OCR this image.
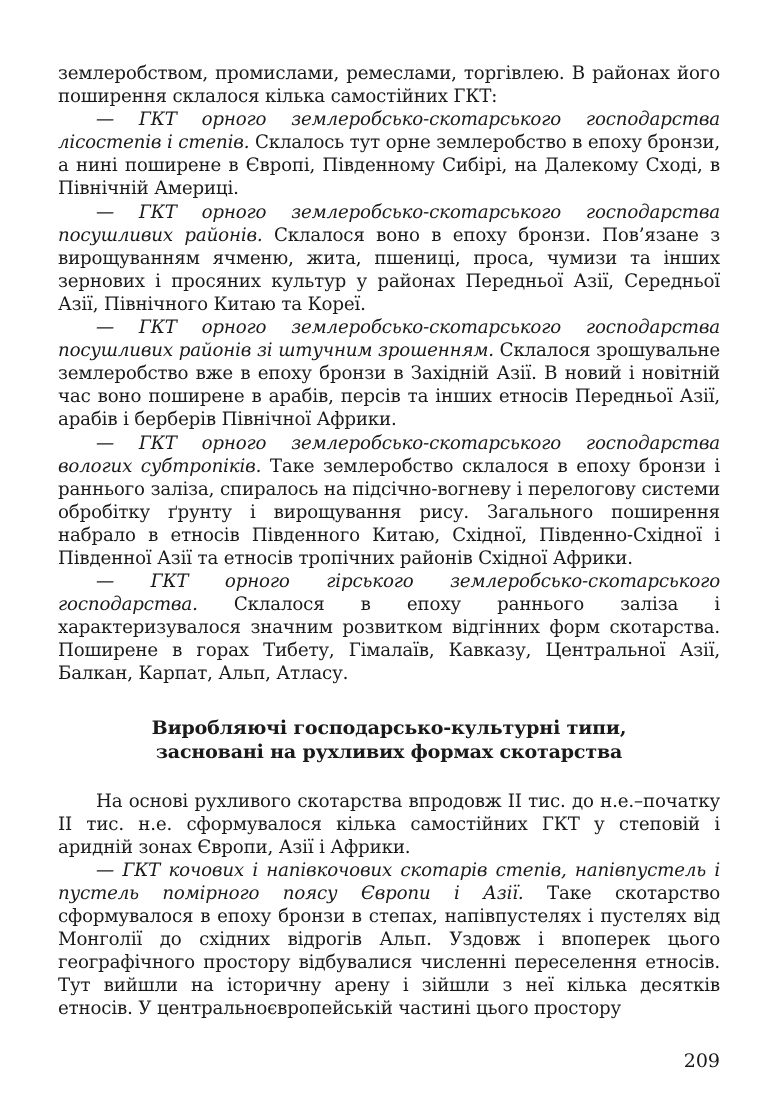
землеробством, промислами, ремеслами, торгівлею. В районах його поширення склалося кілька самостійних ГКТ:

— ГКТ орного землеробсько-скотарського господарства лісостепів і степів. Склалось тут орне землеробство в епоху бронзи, а нині поширене в Європі, Південному Сибірі, на Далекому Сході, в Північній Америці.

— ГКТ орного землеробсько-скотарського господарства посушливих районів. Склалося воно в епоху бронзи. Пов’язане з вирощуванням ячменю, жита, пшениці, проса, чумизи та інших зернових і просяних культур у районах Передньої Азії, Середньої Азії, Північного Китаю та Кореї.

— ГКТ орного землеробсько-скотарського господарства посушливих районів зі штучним зрошенням. Склалося зрошувальне землеробство вже в епоху бронзи в Західній Азії. В новий і новітній час воно поширене в арабів, персів та інших етносів Передньої Азії, арабів і берберів Північної Африки.

— ГКТ орного землеробсько-скотарського господарства вологих субтропіків. Таке землеробство склалося в епоху бронзи і раннього заліза, спиралось на підсічно-вогневу і перелогову системи обробітку ґрунту і вирощування рису. Загального поширення набрало в етносів Південного Китаю, Східної, Південно-Східної і Південної Азії та етносів тропічних районів Східної Африки.

— ГКТ орного гірського землеробсько-скотарського господарства. Склалося в епоху раннього заліза і характеризувалося значним розвитком відгінних форм скотарства. Поширене в горах Тибету, Гімалаїв, Кавказу, Центральної Азії, Балкан, Карпат, Альп, Атласу.

Виробляючі господарсько-культурні типи,
засновані на рухливих формах скотарства

На основі рухливого скотарства впродовж II тис. до н.е.–початку II тис. н.е. сформувалося кілька самостійних ГКТ у степовій і аридній зонах Європи, Азії і Африки.

— ГКТ кочових і напівкочових скотарів степів, напівпустель і пустель помірного поясу Європи і Азії. Таке скотарство сформувалося в епоху бронзи в степах, напівпустелях і пустелях від Монголії до східних відрогів Альп. Уздовж і впоперек цього географічного простору відбувалися численні переселення етносів. Тут вийшли на історичну арену і зійшли з неї кілька десятків етносів. У центральноєвропейській частині цього простору

209
